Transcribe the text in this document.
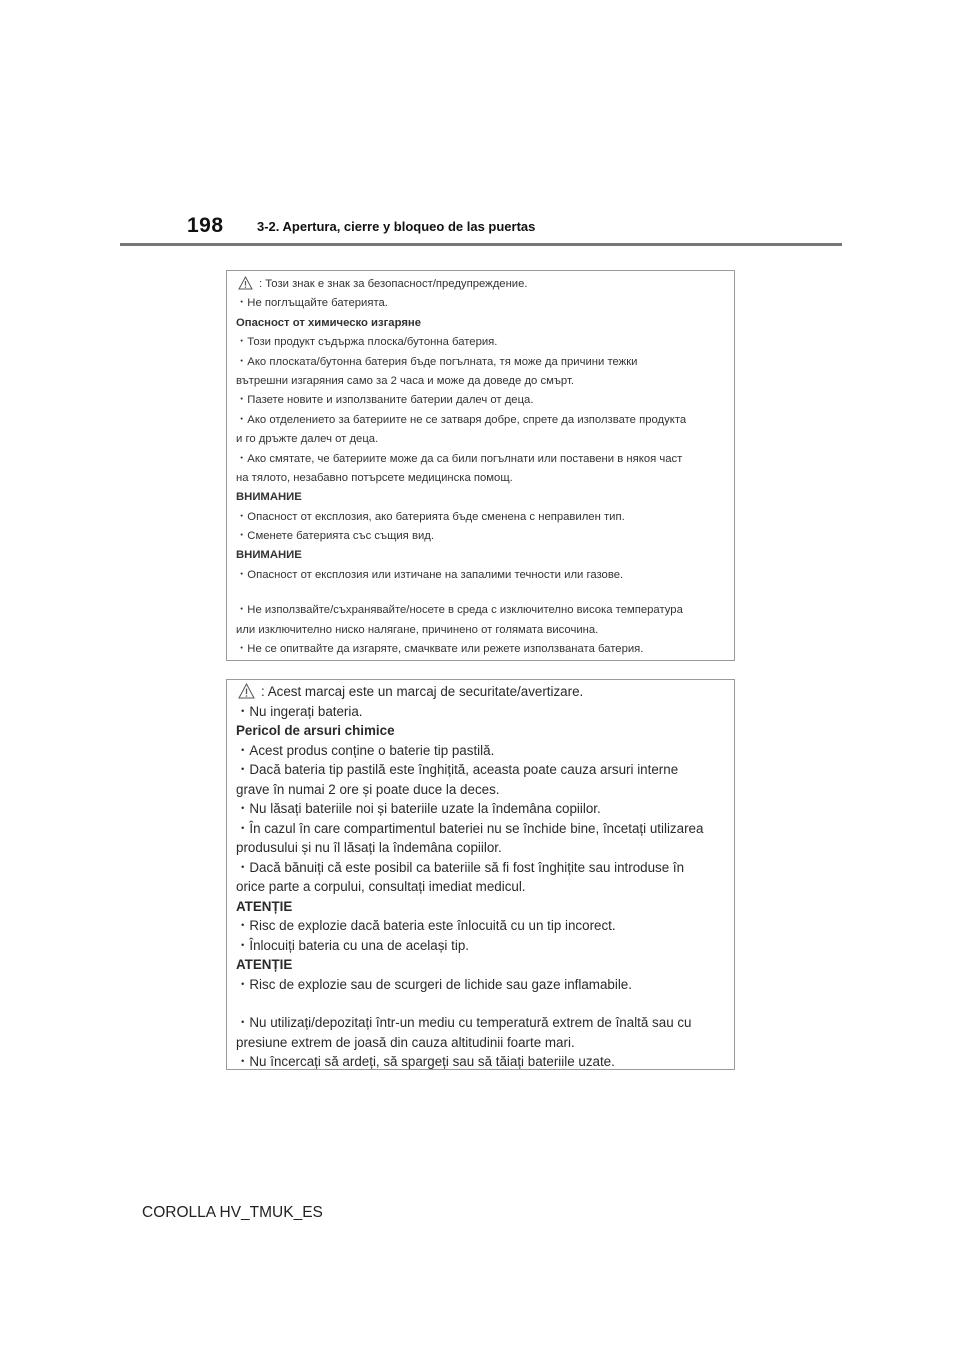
198	3-2. Apertura, cierre y bloqueo de las puertas
: Този знак е знак за безопасност/предупреждение.
・Не поглъщайте батерията.
Опасност от химическо изгаряне
・Този продукт съдържа плоска/бутонна батерия.
・Ако плоската/бутонна батерия бъде погълната, тя може да причини тежки
вътрешни изгаряния само за 2 часа и може да доведе до смърт.
・Пазете новите и използваните батерии далеч от деца.
・Ако отделението за батериите не се затваря добре, спрете да използвате продукта
и го дръжте далеч от деца.
・Ако смятате, че батериите може да са били погълнати или поставени в някоя част
на тялото, незабавно потърсете медицинска помощ.
ВНИМАНИЕ
・Опасност от експлозия, ако батерията бъде сменена с неправилен тип.
・Сменете батерията със същия вид.
ВНИМАНИЕ
・Опасност от експлозия или изтичане на запалими течности или газове.
・Не използвайте/съхранявайте/носете в среда с изключително висока температура
или изключително ниско налягане, причинено от голямата височина.
・Не се опитвайте да изгаряте, смачквате или режете използваната батерия.
: Acest marcaj este un marcaj de securitate/avertizare.
・Nu ingerați bateria.
Pericol de arsuri chimice
・Acest produs conține o baterie tip pastilă.
・Dacă bateria tip pastilă este înghițită, aceasta poate cauza arsuri interne
grave în numai 2 ore și poate duce la deces.
・Nu lăsați bateriile noi și bateriile uzate la îndemâna copiilor.
・În cazul în care compartimentul bateriei nu se închide bine, încetați utilizarea
produsului și nu îl lăsați la îndemâna copiilor.
・Dacă bănuiți că este posibil ca bateriile să fi fost înghițite sau introduse în
orice parte a corpului, consultați imediat medicul.
ATENȚIE
・Risc de explozie dacă bateria este înlocuită cu un tip incorect.
・Înlocuiți bateria cu una de același tip.
ATENȚIE
・Risc de explozie sau de scurgeri de lichide sau gaze inflamabile.
・Nu utilizați/depozitați într-un mediu cu temperatură extrem de înaltă sau cu
presiune extrem de joasă din cauza altitudinii foarte mari.
・Nu încercați să ardeți, să spargeți sau să tăiați bateriile uzate.
COROLLA HV_TMUK_ES
